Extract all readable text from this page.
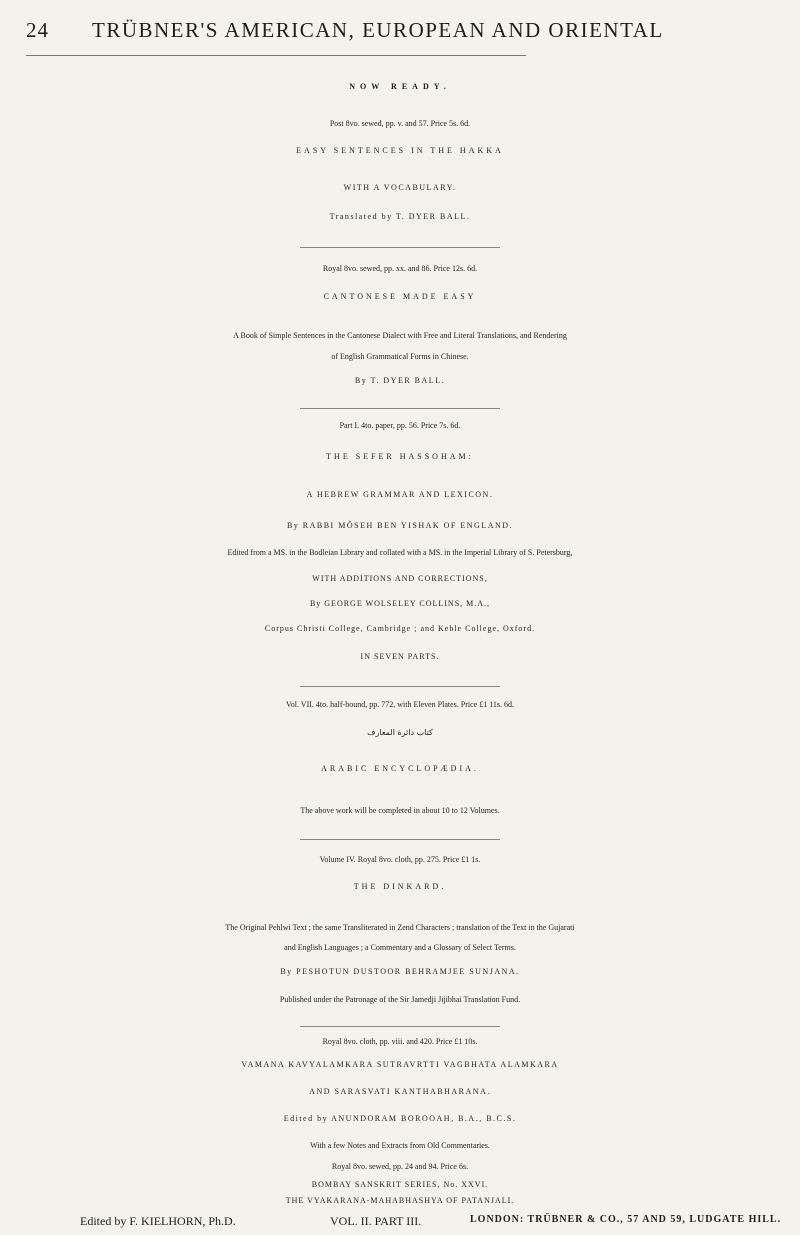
24 TRÜBNER'S AMERICAN, EUROPEAN AND ORIENTAL
NOW READY.
Post 8vo. sewed, pp. v. and 57. Price 5s. 6d.
EASY SENTENCES IN THE HAKKA
WITH A VOCABULARY.
Translated by T. DYER BALL.
Royal 8vo. sewed, pp. xx. and 86. Price 12s. 6d.
CANTONESE MADE EASY
A Book of Simple Sentences in the Cantonese Dialect with Free and Literal Translations, and Rendering
of English Grammatical Forms in Chinese.
By T. DYER BALL.
Part I. 4to. paper, pp. 56. Price 7s. 6d.
THE SEFER HASSOHAM:
A HEBREW GRAMMAR AND LEXICON.
By RABBI MÔSEH BEN YISHAK OF ENGLAND.
Edited from a MS. in the Bodleian Library and collated with a MS. in the Imperial Library of S. Petersburg,
WITH ADDITIONS AND CORRECTIONS,
By GEORGE WOLSELEY COLLINS, M.A.,
Corpus Christi College, Cambridge ; and Keble College, Oxford.
IN SEVEN PARTS.
Vol. VII. 4to. half-bound, pp. 772, with Eleven Plates. Price £1 11s. 6d.
كتاب دائرة المعارف
ARABIC ENCYCLOPÆDIA.
The above work will be completed in about 10 to 12 Volumes.
Volume IV. Royal 8vo. cloth, pp. 275. Price £1 1s.
THE DINKARD.
The Original Pehlwi Text ; the same Transliterated in Zend Characters ; translation of the Text in the Gujarati
and English Languages ; a Commentary and a Glossary of Select Terms.
By PESHOTUN DUSTOOR BEHRAMJEE SUNJANA.
Published under the Patronage of the Sir Jamedji Jijibhai Translation Fund.
Royal 8vo. cloth, pp. viii. and 420. Price £1 10s.
VAMANA KAVYALAMKARA SUTRAVRTTI VAGBHATA ALAMKARA
AND SARASVATI KANTHABHARANA.
Edited by ANUNDORAM BOROOAH, B.A., B.C.S.
With a few Notes and Extracts from Old Commentaries.
Royal 8vo. sewed, pp. 24 and 94. Price 6s.
BOMBAY SANSKRIT SERIES, No. XXVI.
THE VYAKARANA-MAHABHASHYA OF PATANJALI.
Edited by F. KIELHORN, Ph.D.	VOL. II. PART III.	LONDON: TRÜBNER & CO., 57 AND 59, LUDGATE HILL.
